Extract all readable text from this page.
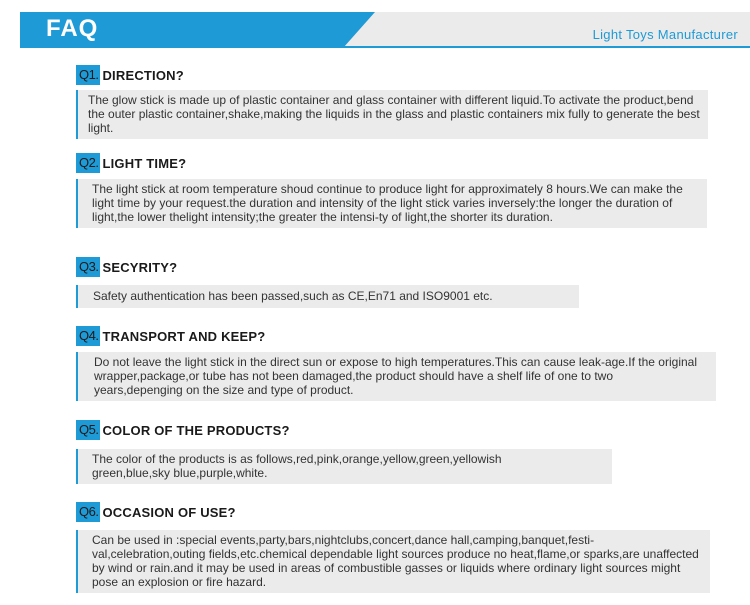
FAQ	Light Toys Manufacturer
Q1. DIRECTION?
The glow stick is made up of plastic container and glass container with different liquid.To activate the product,bend the outer plastic container,shake,making the liquids in the glass and plastic containers mix fully to generate the best light.
Q2. LIGHT TIME?
The light stick at room temperature shoud continue to produce light for approximately 8 hours.We can make the light time by your request.the duration and intensity of the light stick varies inversely:the longer the duration of light,the lower thelight intensity;the greater the intensi-ty of light,the shorter its duration.
Q3. SECYRITY?
Safety authentication has been passed,such as CE,En71 and ISO9001 etc.
Q4. TRANSPORT AND KEEP?
Do not leave the light stick in the direct sun or expose to high temperatures.This can cause leak-age.If the original wrapper,package,or tube has not been damaged,the product should have a shelf life of one to two years,depenging on the size and type of product.
Q5. COLOR OF THE PRODUCTS?
The color of the products is as follows,red,pink,orange,yellow,green,yellowish green,blue,sky blue,purple,white.
Q6. OCCASION OF USE?
Can be used in :special events,party,bars,nightclubs,concert,dance hall,camping,banquet,festi-val,celebration,outing fields,etc.chemical dependable light sources produce no heat,flame,or sparks,are unaffected by wind or rain.and it may be used in areas of combustible gasses or liquids where ordinary light sources might pose an explosion or fire hazard.
